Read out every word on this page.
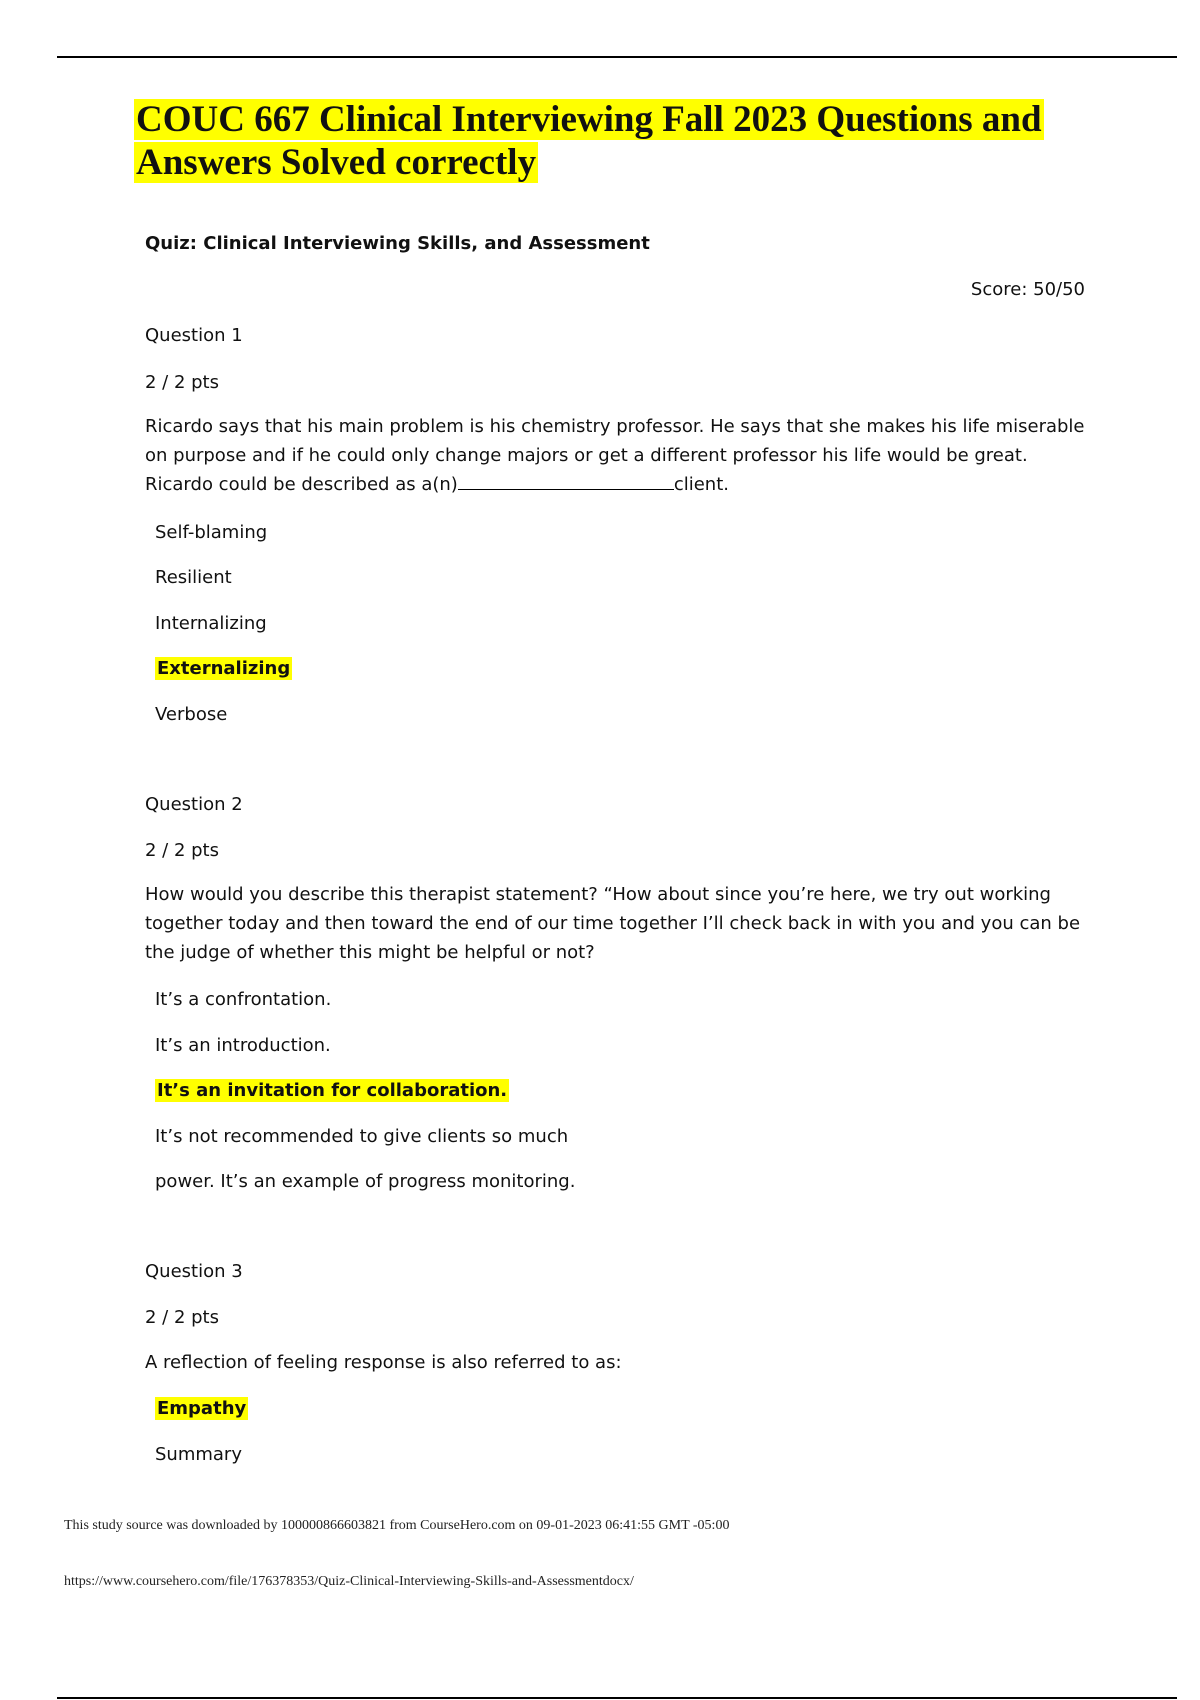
COUC 667 Clinical Interviewing Fall 2023 Questions and Answers Solved correctly
Quiz: Clinical Interviewing Skills, and Assessment
Score: 50/50
Question 1
2 / 2 pts
Ricardo says that his main problem is his chemistry professor. He says that she makes his life miserable on purpose and if he could only change majors or get a different professor his life would be great. Ricardo could be described as a(n)	client.
Self-blaming
Resilient
Internalizing
Externalizing
Verbose
Question 2
2 / 2 pts
How would you describe this therapist statement? “How about since you’re here, we try out working together today and then toward the end of our time together I’ll check back in with you and you can be the judge of whether this might be helpful or not?
It’s a confrontation.
It’s an introduction.
It’s an invitation for collaboration.
It’s not recommended to give clients so much
power. It’s an example of progress monitoring.
Question 3
2 / 2 pts
A reflection of feeling response is also referred to as:
Empathy
Summary
This study source was downloaded by 100000866603821 from CourseHero.com on 09-01-2023 06:41:55 GMT -05:00
https://www.coursehero.com/file/176378353/Quiz-Clinical-Interviewing-Skills-and-Assessmentdocx/
